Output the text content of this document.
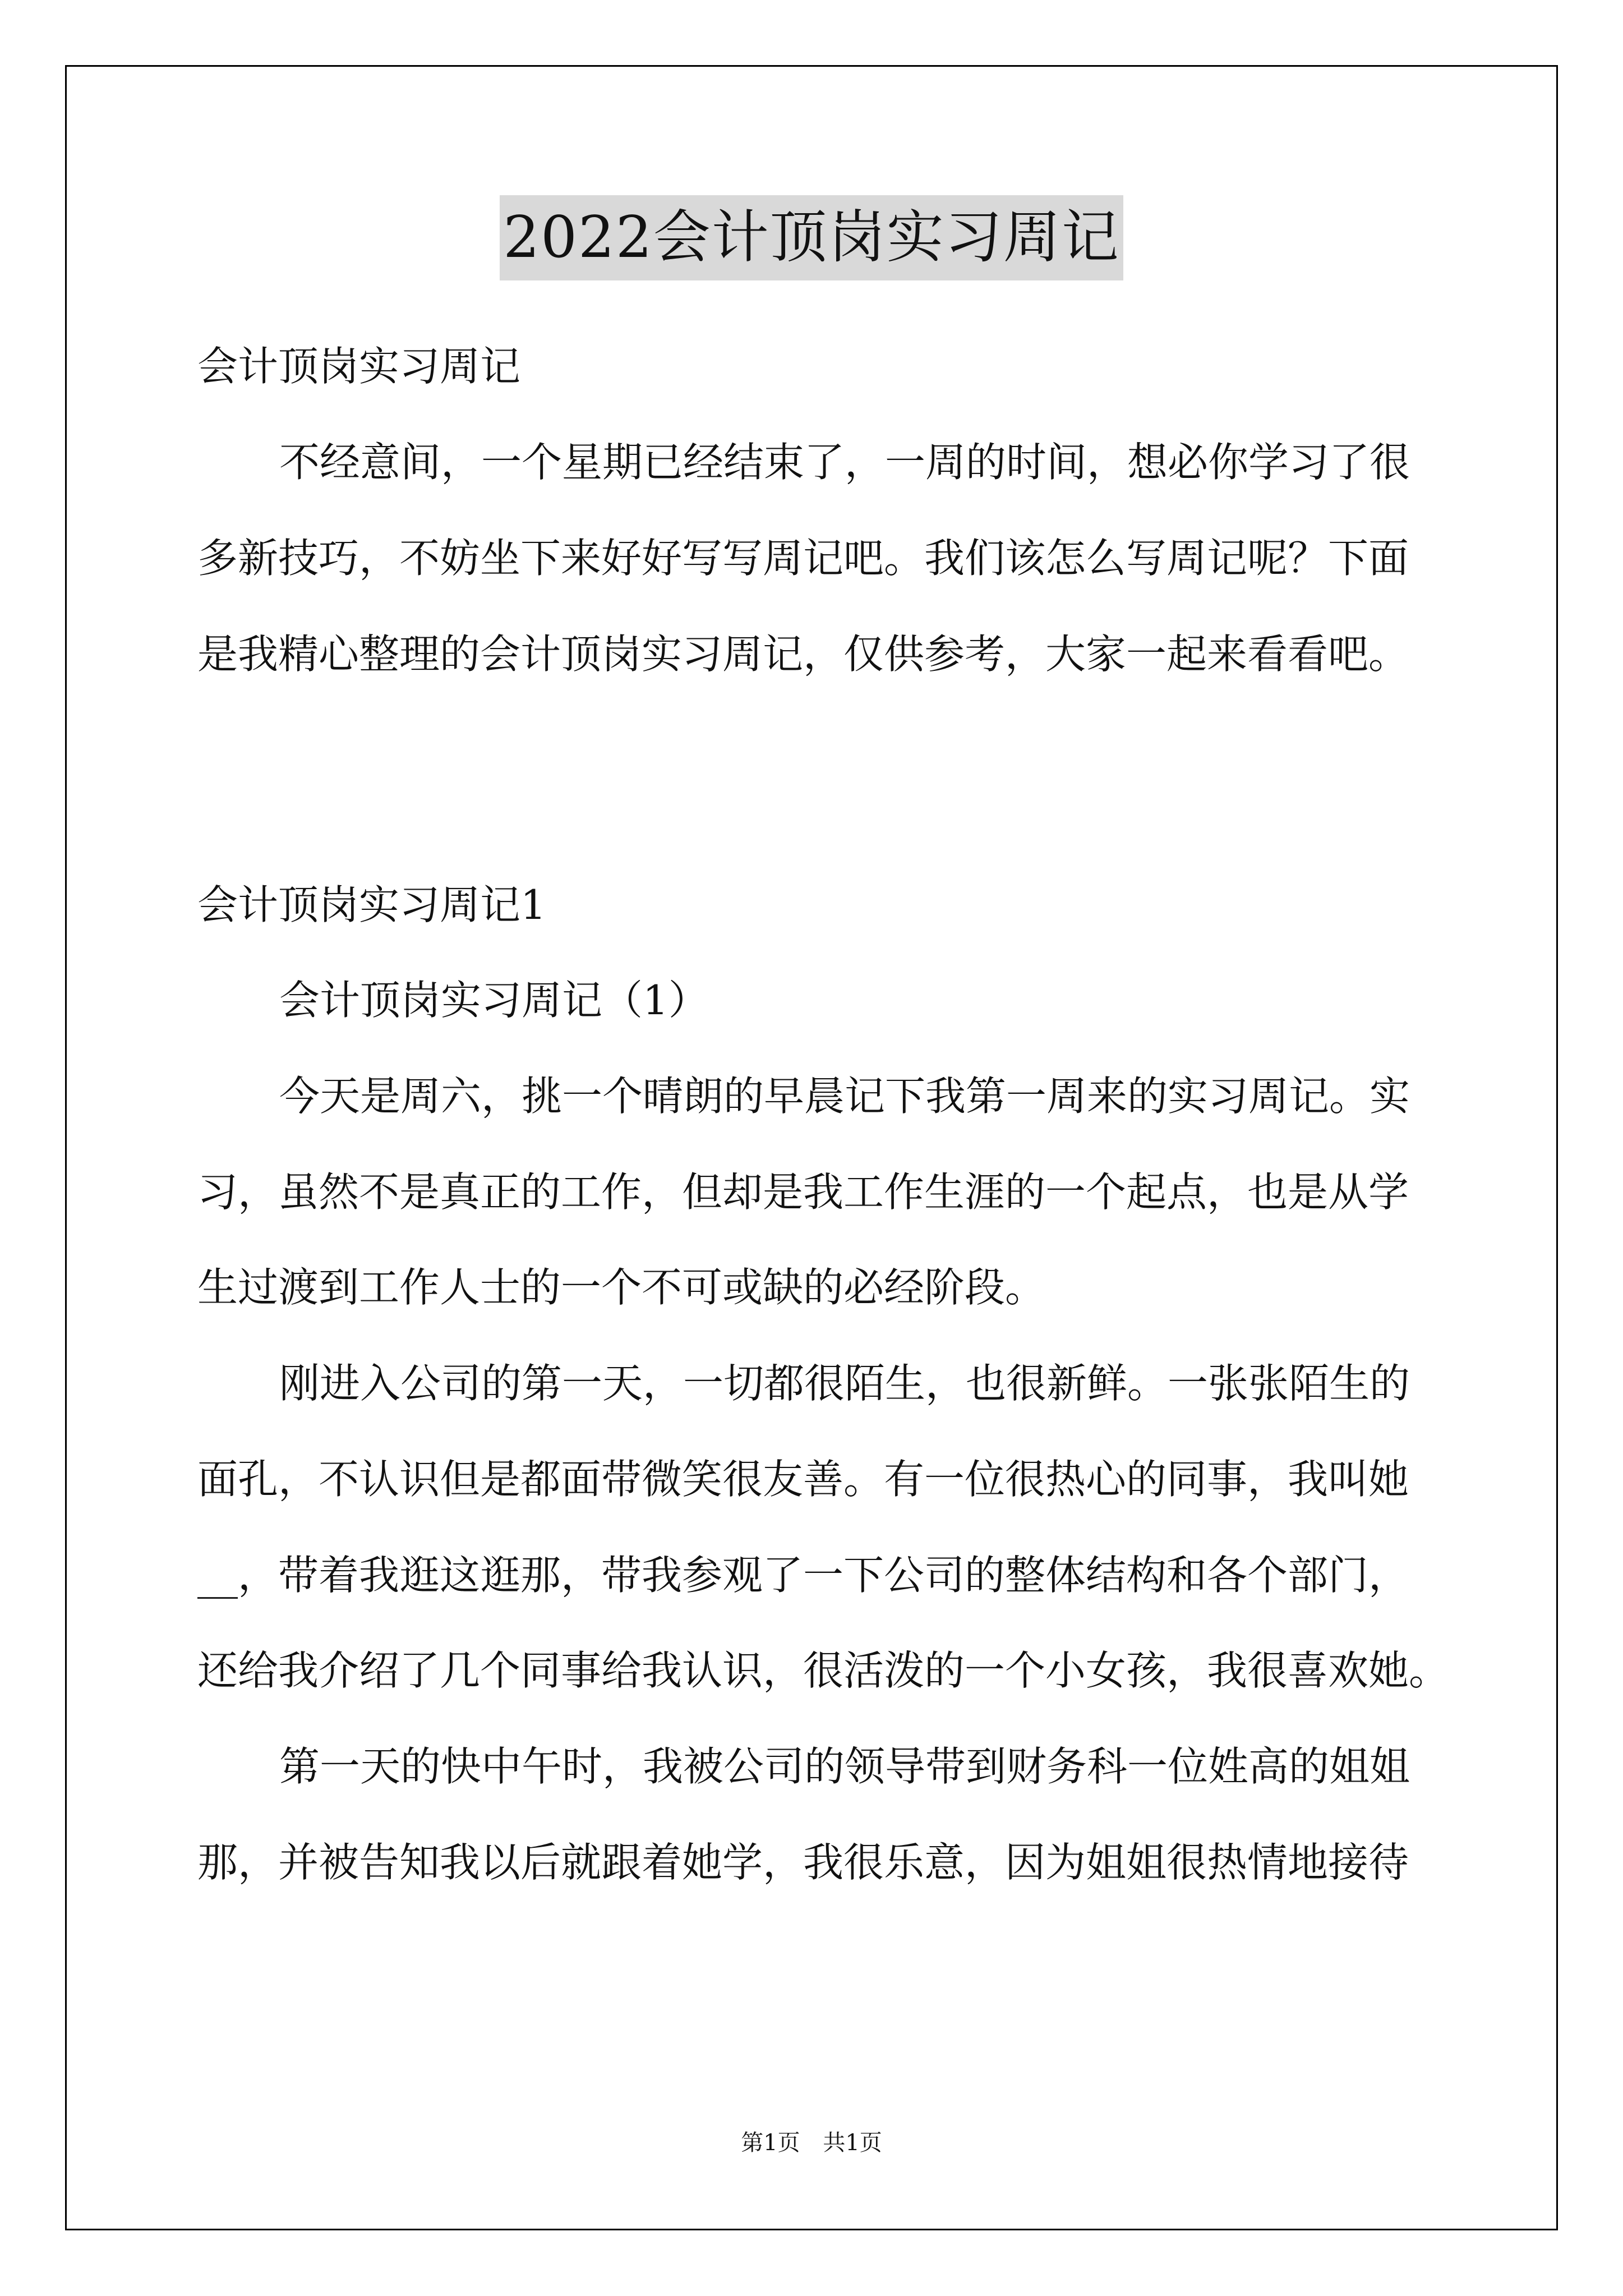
2022会计顶岗实习周记
会计顶岗实习周记
不经意间，一个星期已经结束了，一周的时间，想必你学习了很
多新技巧，不妨坐下来好好写写周记吧。我们该怎么写周记呢？下面
是我精心整理的会计顶岗实习周记，仅供参考，大家一起来看看吧。
会计顶岗实习周记1
会计顶岗实习周记（1）
今天是周六，挑一个晴朗的早晨记下我第一周来的实习周记。实
习，虽然不是真正的工作，但却是我工作生涯的一个起点，也是从学
生过渡到工作人士的一个不可或缺的必经阶段。
刚进入公司的第一天，一切都很陌生，也很新鲜。一张张陌生的
面孔，不认识但是都面带微笑很友善。有一位很热心的同事，我叫她
__，带着我逛这逛那，带我参观了一下公司的整体结构和各个部门，
还给我介绍了几个同事给我认识，很活泼的一个小女孩，我很喜欢她。
第一天的快中午时，我被公司的领导带到财务科一位姓高的姐姐
那，并被告知我以后就跟着她学，我很乐意，因为姐姐很热情地接待
第1页 共1页
